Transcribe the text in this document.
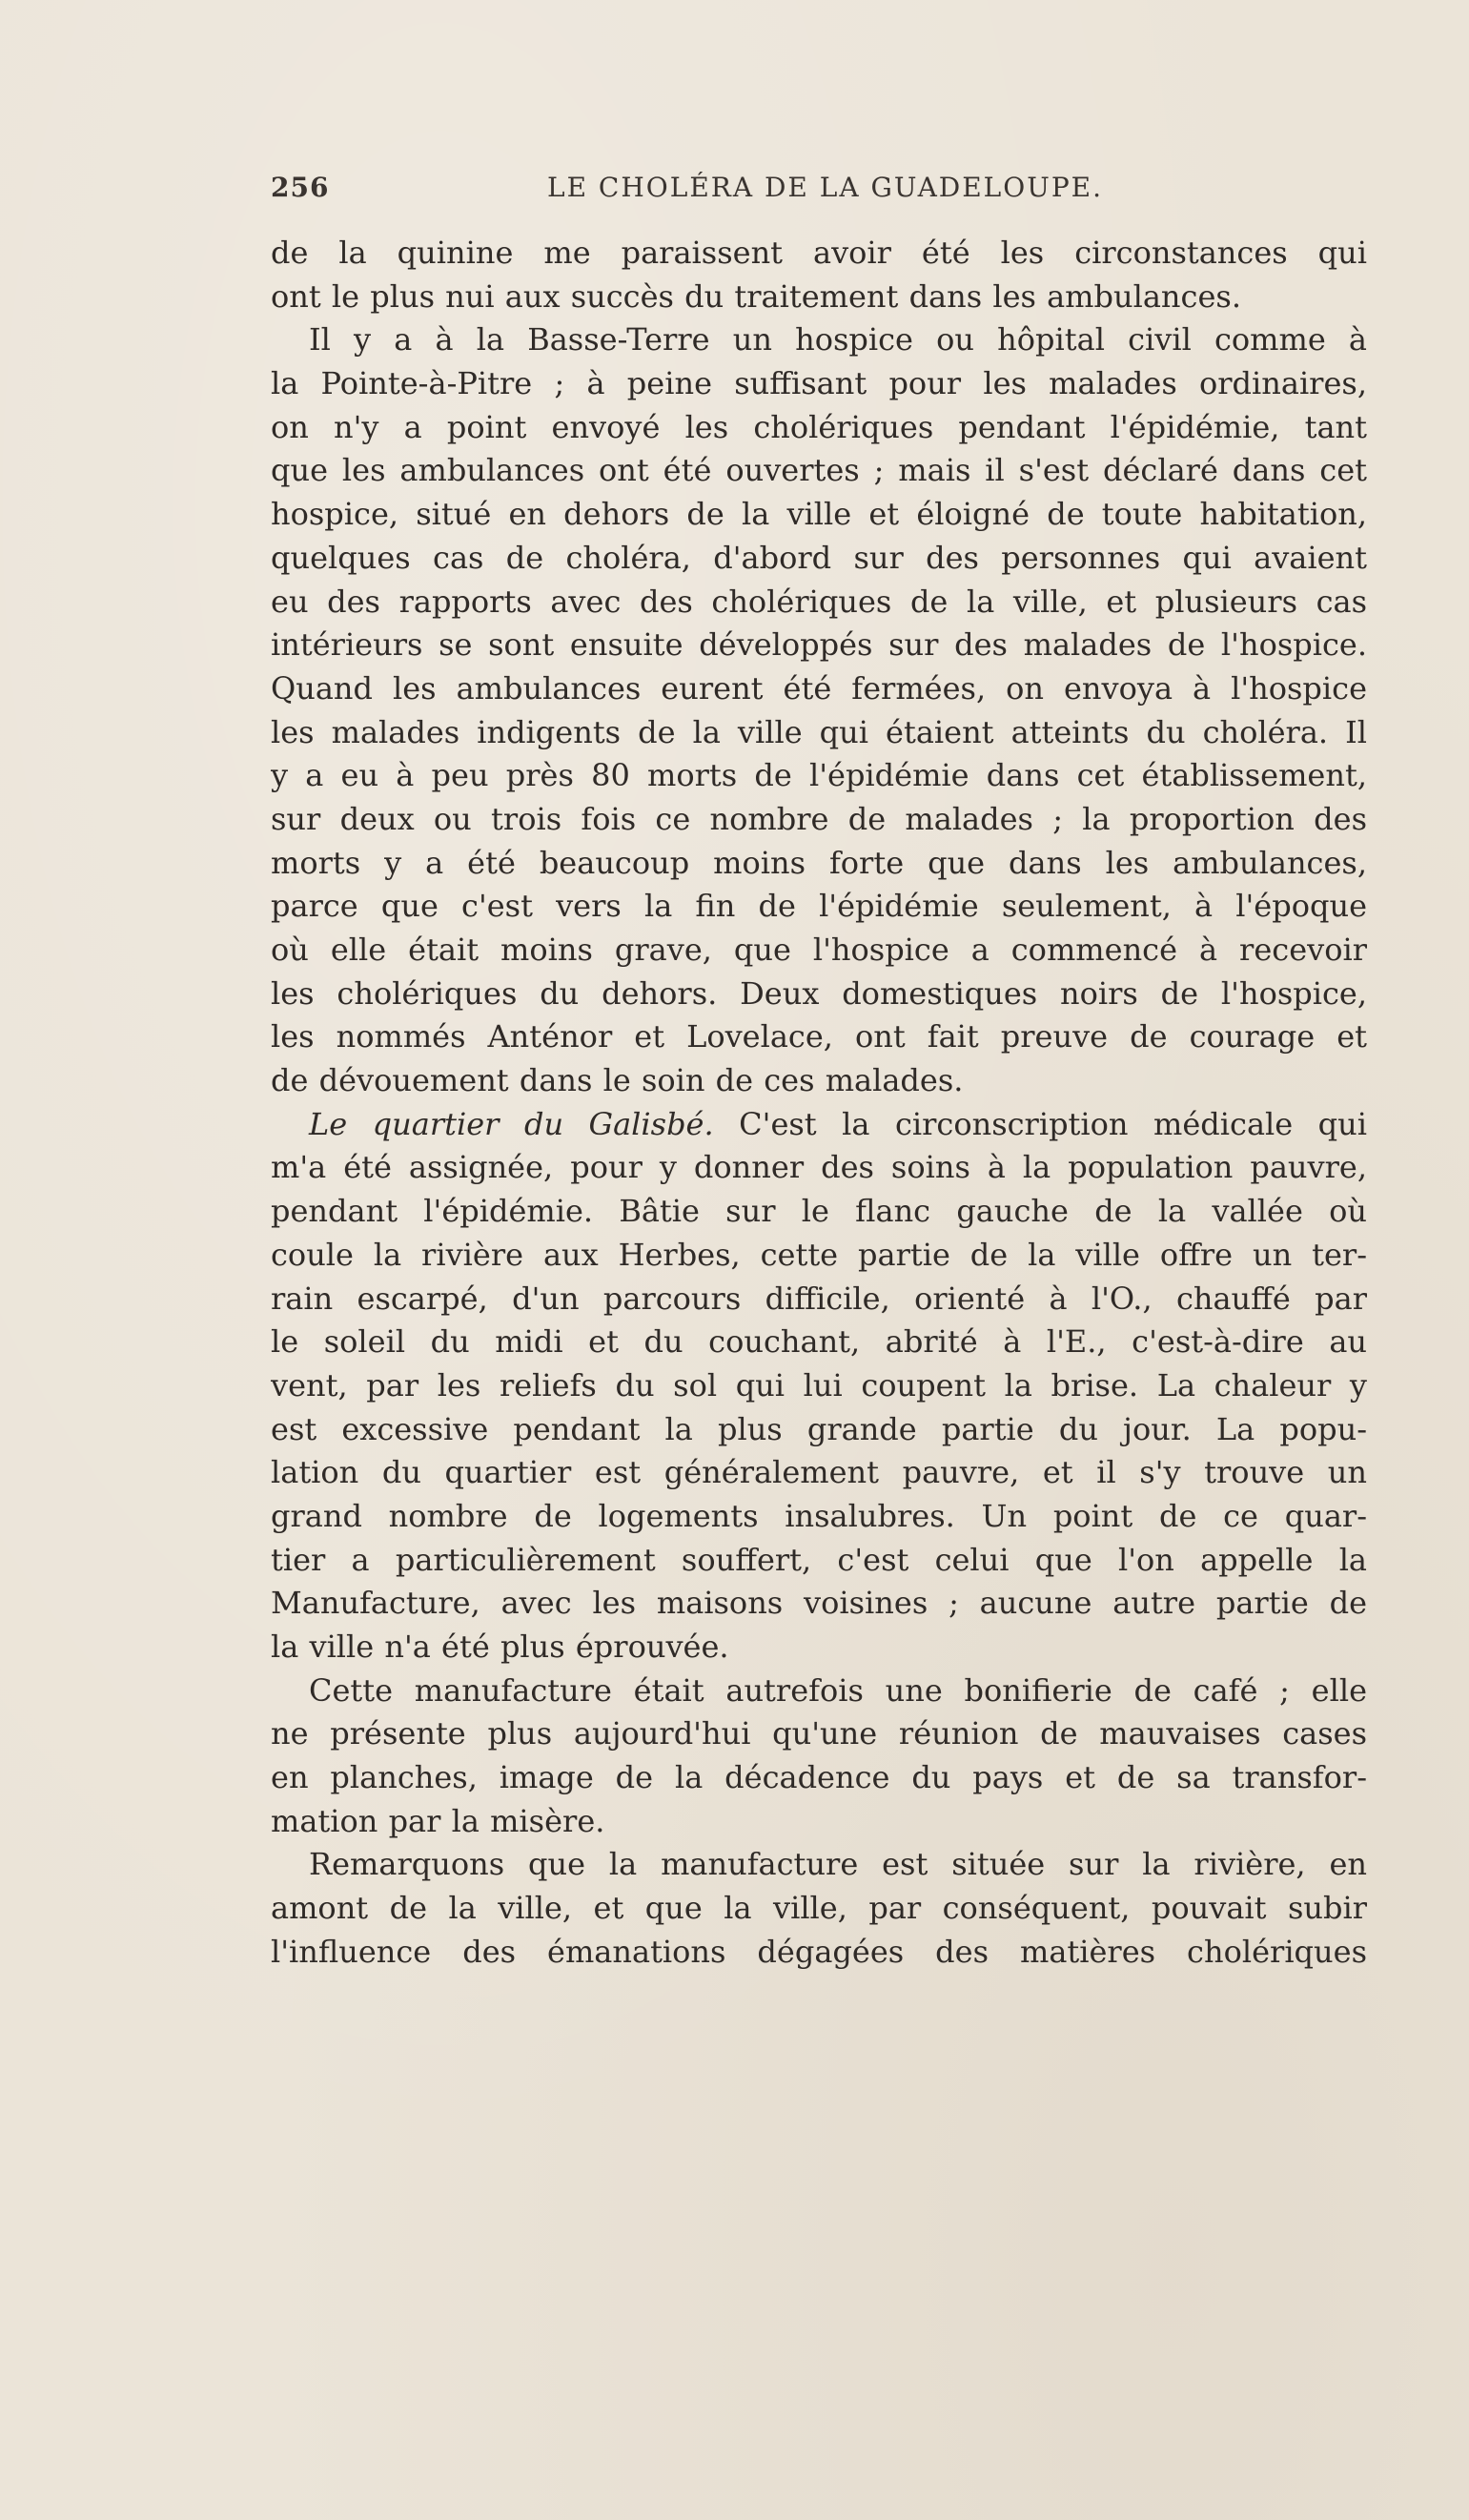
256	LE CHOLÉRA DE LA GUADELOUPE.
de la quinine me paraissent avoir été les circonstances qui
ont le plus nui aux succès du traitement dans les ambulances.
Il y a à la Basse-Terre un hospice ou hôpital civil comme à
la Pointe-à-Pitre ; à peine suffisant pour les malades ordinaires,
on n'y a point envoyé les cholériques pendant l'épidémie, tant
que les ambulances ont été ouvertes ; mais il s'est déclaré dans cet
hospice, situé en dehors de la ville et éloigné de toute habitation,
quelques cas de choléra, d'abord sur des personnes qui avaient
eu des rapports avec des cholériques de la ville, et plusieurs cas
intérieurs se sont ensuite développés sur des malades de l'hospice.
Quand les ambulances eurent été fermées, on envoya à l'hospice
les malades indigents de la ville qui étaient atteints du choléra. Il
y a eu à peu près 80 morts de l'épidémie dans cet établissement,
sur deux ou trois fois ce nombre de malades ; la proportion des
morts y a été beaucoup moins forte que dans les ambulances,
parce que c'est vers la fin de l'épidémie seulement, à l'époque
où elle était moins grave, que l'hospice a commencé à recevoir
les cholériques du dehors. Deux domestiques noirs de l'hospice,
les nommés Anténor et Lovelace, ont fait preuve de courage et
de dévouement dans le soin de ces malades.
Le quartier du Galisbé. C'est la circonscription médicale qui
m'a été assignée, pour y donner des soins à la population pauvre,
pendant l'épidémie. Bâtie sur le flanc gauche de la vallée où
coule la rivière aux Herbes, cette partie de la ville offre un ter-
rain escarpé, d'un parcours difficile, orienté à l'O., chauffé par
le soleil du midi et du couchant, abrité à l'E., c'est-à-dire au
vent, par les reliefs du sol qui lui coupent la brise. La chaleur y
est excessive pendant la plus grande partie du jour. La popu-
lation du quartier est généralement pauvre, et il s'y trouve un
grand nombre de logements insalubres. Un point de ce quar-
tier a particulièrement souffert, c'est celui que l'on appelle la
Manufacture, avec les maisons voisines ; aucune autre partie de
la ville n'a été plus éprouvée.
Cette manufacture était autrefois une bonifierie de café ; elle
ne présente plus aujourd'hui qu'une réunion de mauvaises cases
en planches, image de la décadence du pays et de sa transfor-
mation par la misère.
Remarquons que la manufacture est située sur la rivière, en
amont de la ville, et que la ville, par conséquent, pouvait subir
l'influence des émanations dégagées des matières cholériques
